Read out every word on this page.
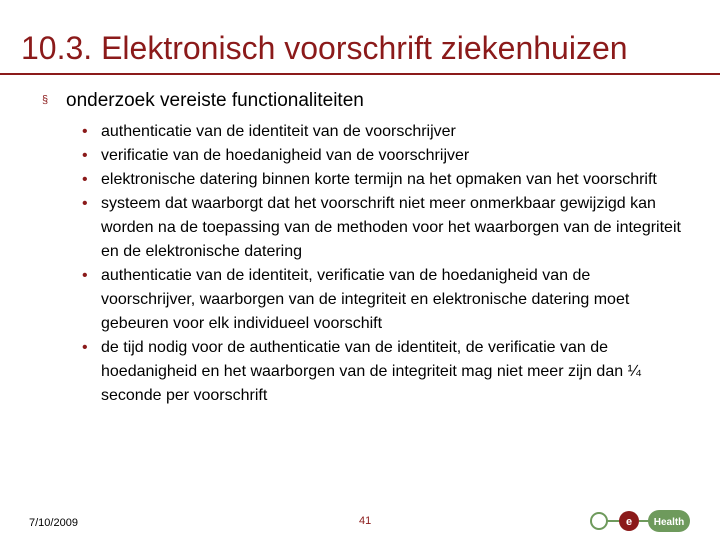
10.3. Elektronisch voorschrift ziekenhuizen
§ onderzoek vereiste functionaliteiten
• authenticatie van de identiteit van de voorschrijver
• verificatie van de hoedanigheid van de voorschrijver
• elektronische datering binnen korte termijn na het opmaken van het voorschrift
• systeem dat waarborgt dat het voorschrift niet meer onmerkbaar gewijzigd kan worden na de toepassing van de methoden voor het waarborgen van de integriteit en de elektronische datering
• authenticatie van de identiteit, verificatie van de hoedanigheid van de voorschrijver, waarborgen van de integriteit en elektronische datering moet gebeuren voor elk individueel voorschift
• de tijd nodig voor de authenticatie van de identiteit, de verificatie van de hoedanigheid en het waarborgen van de integriteit mag niet meer zijn dan ¼ seconde per voorschrift
7/10/2009	41	e Health
